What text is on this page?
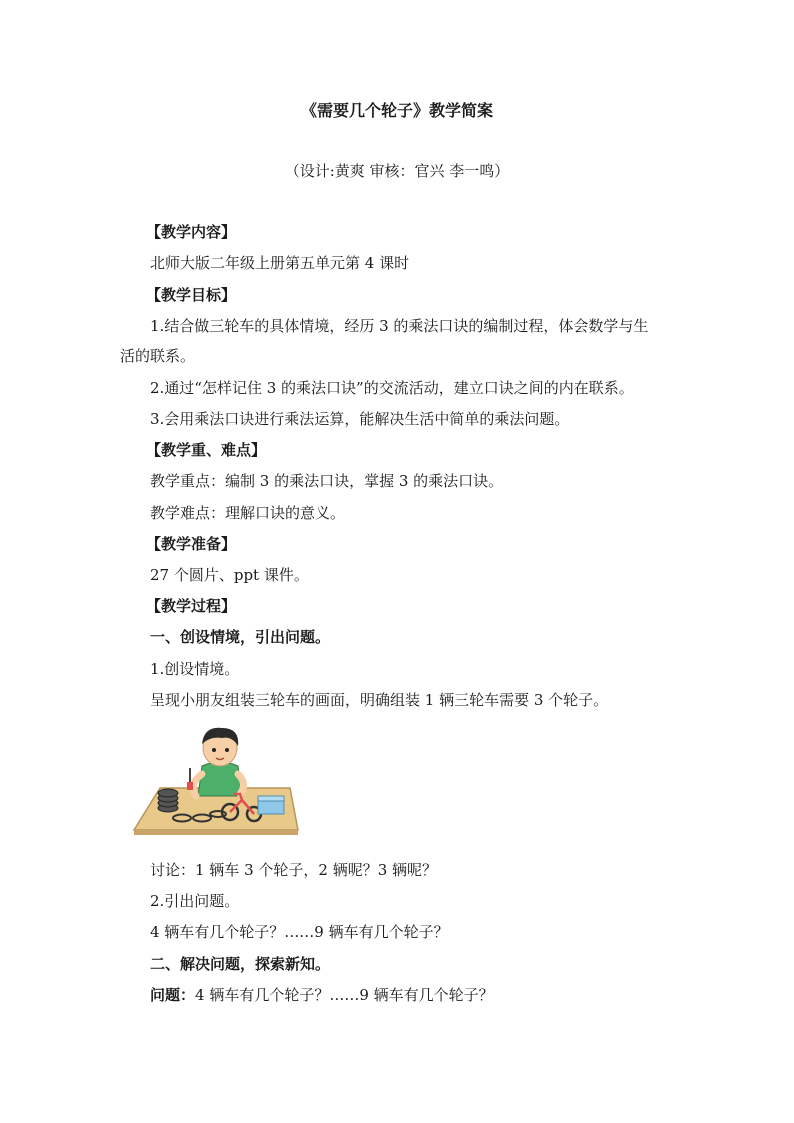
《需要几个轮子》教学简案
（设计:黄爽 审核：官兴 李一鸣）
【教学内容】
北师大版二年级上册第五单元第 4 课时
【教学目标】
1.结合做三轮车的具体情境，经历 3 的乘法口诀的编制过程，体会数学与生
活的联系。
2.通过“怎样记住 3 的乘法口诀”的交流活动，建立口诀之间的内在联系。
3.会用乘法口诀进行乘法运算，能解决生活中简单的乘法问题。
【教学重、难点】
教学重点：编制 3 的乘法口诀，掌握 3 的乘法口诀。
教学难点：理解口诀的意义。
【教学准备】
27 个圆片、ppt 课件。
【教学过程】
一、创设情境，引出问题。
1.创设情境。
呈现小朋友组装三轮车的画面，明确组装 1 辆三轮车需要 3 个轮子。
讨论：1 辆车 3 个轮子，2 辆呢？3 辆呢？
2.引出问题。
4 辆车有几个轮子？……9 辆车有几个轮子？
二、解决问题，探索新知。
问题：4 辆车有几个轮子？……9 辆车有几个轮子？
